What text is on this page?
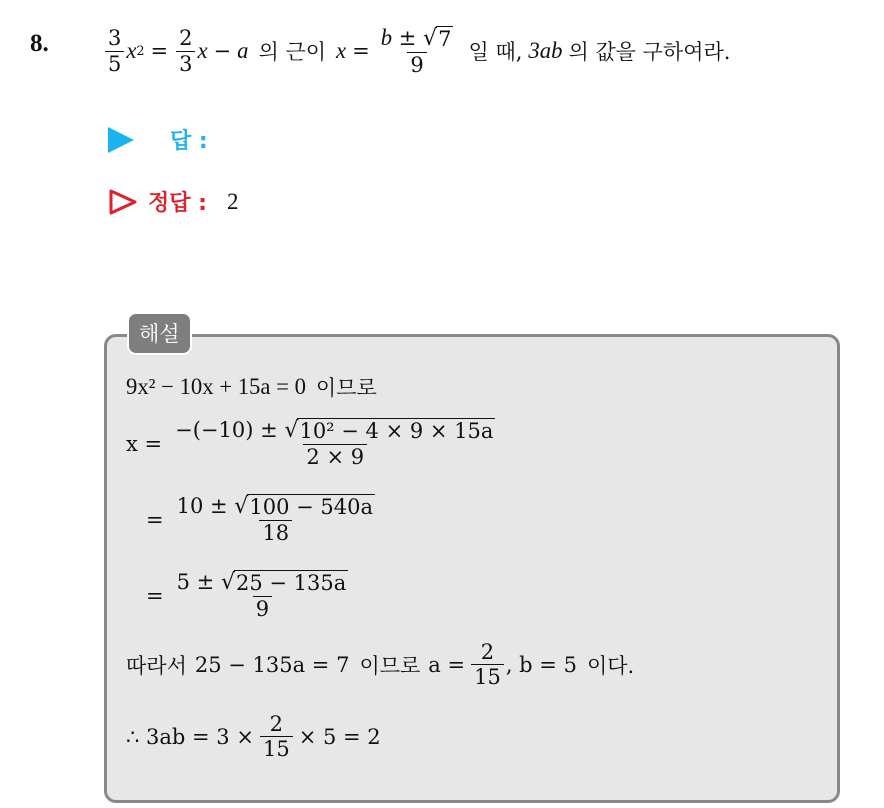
8.	$\frac{3}{5}$ x $2 = \frac{2}{3}$ x − a 의 근이 $x = \frac{b \pm √ 7}{9}$ 일 때, 3ab 의 값을 구하여라.
답 :
정답 : 2
해설
9x² − 10x + 15a = 0 이므로
$x = \frac{\text{−(−10) ± √ 10² − 4 × 9 × 15a}}{2 \times 9}$
= $\frac{10 \pm √ 100 - 540a}{18}$
= $\frac{5 \pm √ 25 - 135a}{9}$
따라서 25 − 135a = 7 이므로 $a = \frac{2}{15}$ , b = 5 이다.
∴ $3ab = 3 \times \frac{2}{15} \times 5 = 2$
